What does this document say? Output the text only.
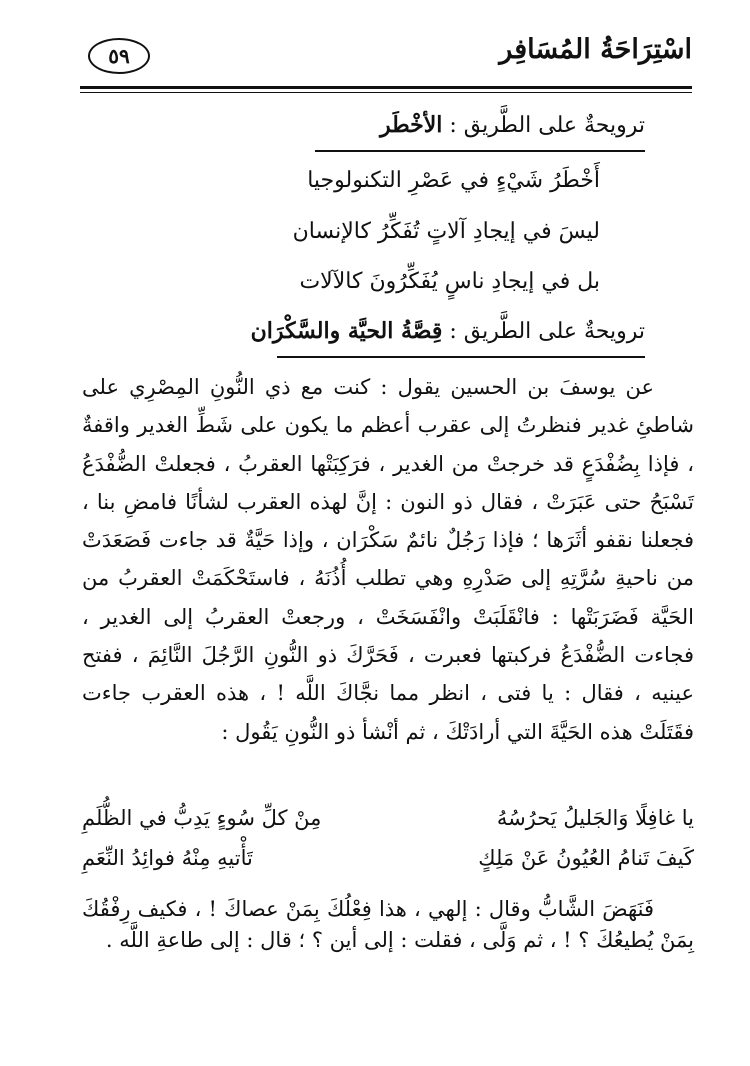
اسْتِرَاحَةُ المُسَافِر
٥٩
ترويحةٌ على الطَّريق : الأخْطَر
أَخْطَرُ شَيْءٍ في عَصْرِ التكنولوجيا
ليسَ في إيجادِ آلاتٍ تُفَكِّرُ كالإنسان
بل في إيجادِ ناسٍ يُفَكِّرُونَ كالآلات
ترويحةٌ على الطَّريق : قِصَّةُ الحيَّة والسَّكْرَان
عن يوسفَ بن الحسين يقول : كنت مع ذي النُّونِ المِصْرِي على شاطئِ غدير فنظرتُ إلى عقرب أعظم ما يكون على شَطِّ الغدير واقفةٌ ، فإذا بِضُفْدَعٍ قد خرجتْ من الغدير ، فرَكِبَتْها العقربُ ، فجعلتْ الضُّفْدَعُ تَسْبَحُ حتى عَبَرَتْ ، فقال ذو النون : إنَّ لهذه العقرب لشأنًا فامضِ بنا ، فجعلنا نقفو أثَرَها ؛ فإذا رَجُلٌ نائمٌ سَكْرَان ، وإذا حَيَّةٌ قد جاءت فَصَعَدَتْ من ناحيةِ سُرَّتِهِ إلى صَدْرِهِ وهي تطلب أُذُنَهُ ، فاستَحْكَمَتْ العقربُ من الحَيَّة فَضَرَبَتْها : فانْقَلَبَتْ وانْفَسَخَتْ ، ورجعتْ العقربُ إلى الغدير ، فجاءت الضُّفْدَعُ فركبتها فعبرت ، فَحَرَّكَ ذو النُّونِ الرَّجُلَ النَّائِمَ ، ففتح عينيه ، فقال : يا فتى ، انظر مما نجَّاكَ اللَّه ! ، هذه العقرب جاءت فقَتَلَتْ هذه الحَيَّةَ التي أرادَتْكَ ، ثم أنْشأ ذو النُّونِ يَقُول :
يا غافِلًا وَالجَليلُ يَحرُسُهُ
مِنْ كلِّ سُوءٍ يَدِبُّ في الظُّلَمِ
كَيفَ تَنامُ العُيُونُ عَنْ مَلِكٍ
تَأْتيهِ مِنْهُ فوائِدُ النِّعَمِ
فَنَهَضَ الشَّابُّ وقال : إلهي ، هذا فِعْلُكَ بِمَنْ عصاكَ ! ، فكيف رِفْقُكَ بِمَنْ يُطيعُكَ ؟ ! ، ثم وَلَّى ، فقلت : إلى أين ؟ ؛ قال : إلى طاعةِ اللَّه .
